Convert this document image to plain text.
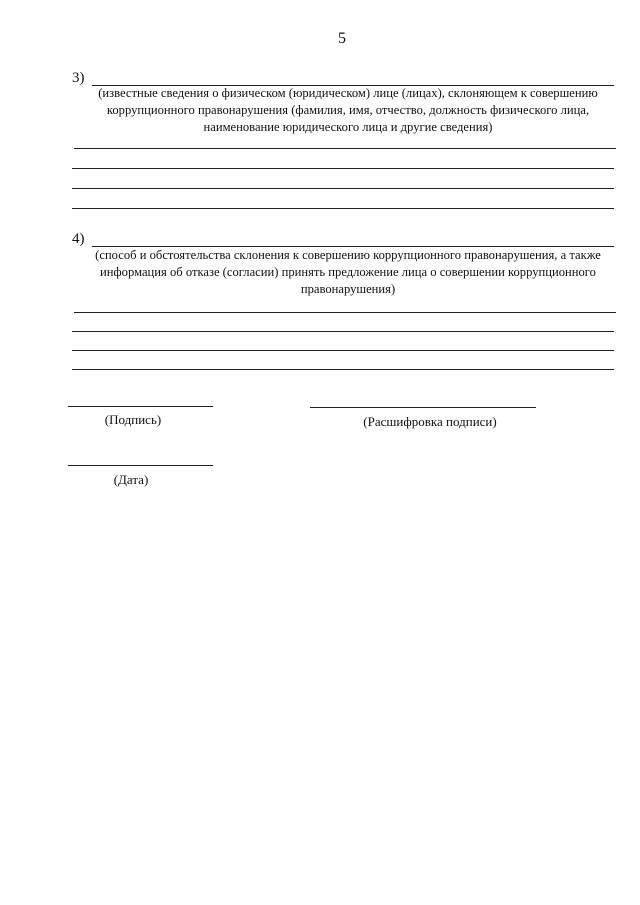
5
3)
(известные сведения о физическом (юридическом) лице (лицах), склоняющем к совершению
коррупционного правонарушения (фамилия, имя, отчество, должность физического лица,
наименование юридического лица и другие сведения)
4)
(способ и обстоятельства склонения к совершению коррупционного правонарушения, а также
информация об отказе (согласии) принять предложение лица о совершении коррупционного
правонарушения)
(Подпись)	(Расшифровка подписи)
(Дата)
